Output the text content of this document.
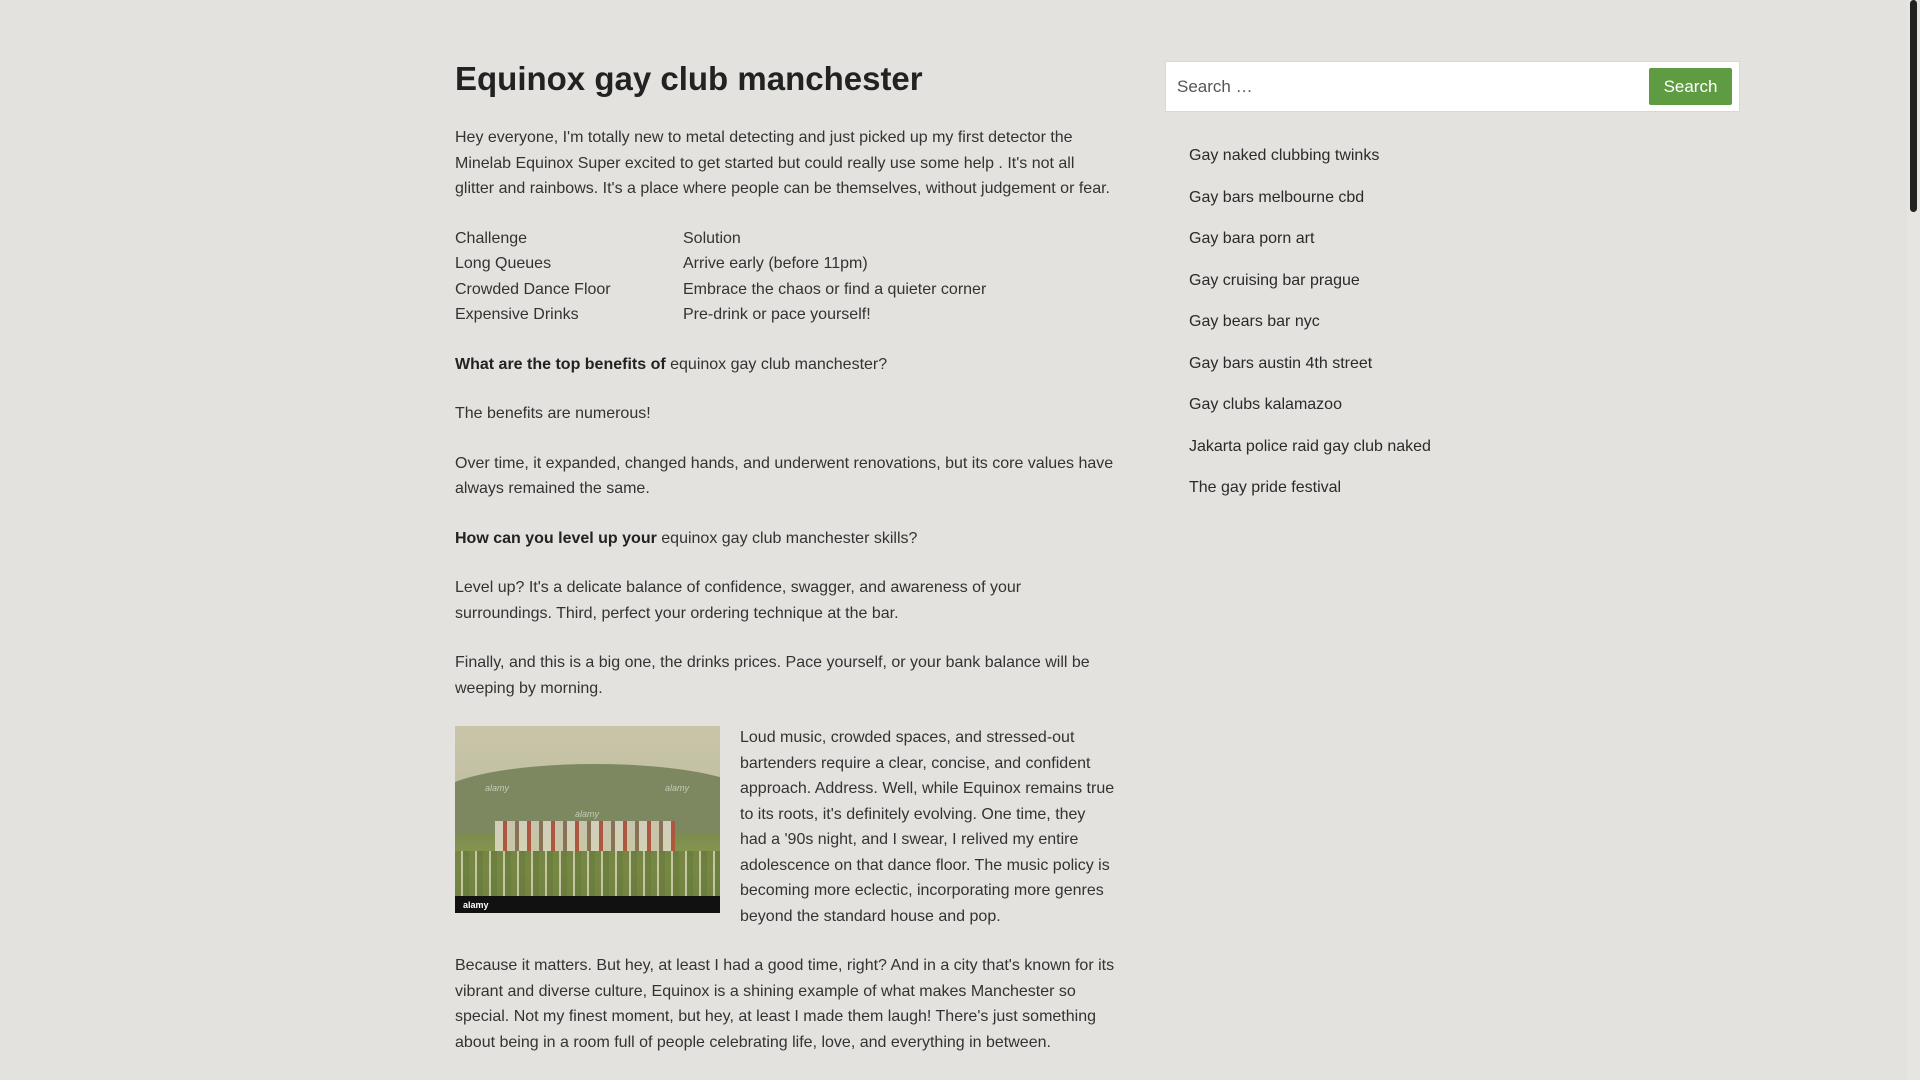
Equinox gay club manchester

Hey everyone, I'm totally new to metal detecting and just picked up my first detector the Minelab Equinox Super excited to get started but could really use some help . It's not all glitter and rainbows. It's a place where people can be themselves, without judgement or fear.

Challenge	Solution
Long Queues	Arrive early (before 11pm)
Crowded Dance Floor	Embrace the chaos or find a quieter corner
Expensive Drinks	Pre-drink or pace yourself!

What are the top benefits of equinox gay club manchester?

The benefits are numerous!

Over time, it expanded, changed hands, and underwent renovations, but its core values have always remained the same.

How can you level up your equinox gay club manchester skills?

Level up? It's a delicate balance of confidence, swagger, and awareness of your surroundings. Third, perfect your ordering technique at the bar.

Finally, and this is a big one, the drinks prices. Pace yourself, or your bank balance will be weeping by morning.

alamy
alamy
alamy
alamy
Loud music, crowded spaces, and stressed-out bartenders require a clear, concise, and confident approach. Address. Well, while Equinox remains true to its roots, it's definitely evolving. One time, they had a '90s night, and I swear, I relived my entire adolescence on that dance floor. The music policy is becoming more eclectic, incorporating more genres beyond the standard house and pop.

Because it matters. But hey, at least I had a good time, right? And in a city that's known for its vibrant and diverse culture, Equinox is a shining example of what makes Manchester so special. Not my finest moment, but hey, at least I made them laugh! There's just something about being in a room full of people celebrating life, love, and everything in between.

Search …
Search
Gay naked clubbing twinks
Gay bars melbourne cbd
Gay bara porn art
Gay cruising bar prague
Gay bears bar nyc
Gay bars austin 4th street
Gay clubs kalamazoo
Jakarta police raid gay club naked
The gay pride festival
